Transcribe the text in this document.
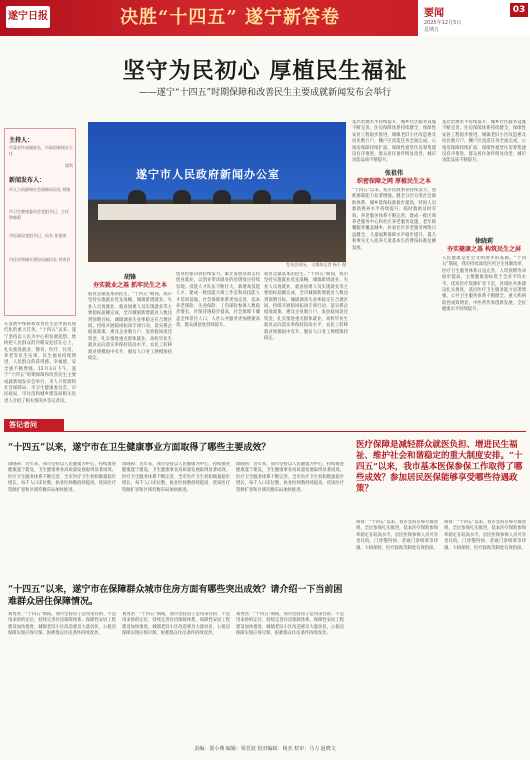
遂宁日报	决胜“十四五” 遂宁新答卷	要闻	03
2025年12月5日
星期五
坚守为民初心 厚植民生福祉
——遂宁“十四五”时期保障和改善民生主要成就新闻发布会举行
主持人：
市委宣传部副部长、市政府新闻办主任
梁利
新闻发布人：
市人力资源和社会保障局局长 胡锋
市卫生健康委员会党组书记、主任 徐晓莉
市民政局党组书记、局长 张祖伟
市住房和城乡建设局副局长 刘秀君
遂宁市人民政府新闻办公室
发布会现场。 全媒体记者 杨千 摄
基层治理水平持续提升，城乡社区服务设施不断完善。住房保障体系持续健全，保障性安居工程稳步推进，城镇老旧小区改造惠及居民数万户，棚户区改造任务全面完成，公租房保障持续扩面，保障性租赁住房筹集建设有序推进，群众居住条件明显改善，城市功能品质不断提升。
张祖伟
织密保障之网 厚植民生之本
“十四五”以来，我市民政事业持续发力，兜底保障能力显著增强。健全分层分类社会救助体系，城乡低保标准稳步提高，特困人员救助供养水平持续提升，临时救助及时有效。养老服务体系不断完善，建成一批区域养老服务中心和社区养老服务设施，老年助餐服务覆盖城乡，居家社区养老服务网络日益健全。儿童福利保障水平稳步提升，孤儿和事实无人抚养儿童基本生活费按标准足额发放。
基层治理水平持续提升，城乡社区服务设施不断完善。住房保障体系持续健全，保障性安居工程稳步推进，城镇老旧小区改造惠及居民数万户，棚户区改造任务全面完成，公租房保障持续扩面，保障性租赁住房筹集建设有序推进，群众居住条件明显改善，城市功能品质不断提升。
徐晓莉
夯实健康之基 构筑民生之屏
人民健康是社会文明进步的基础。“十四五”期间，我市持续深化医药卫生体制改革，医疗卫生服务体系日益完善，人均预期寿命稳步提高，主要健康指标优于全省平均水平。优质医疗资源扩容下沉，县域医共体建设扎实推进，基层医疗卫生服务能力显著增强。公共卫生服务体系不断健全，重大疾病防控成效明显，中医药传承创新发展，全民健康水平持续提升。
在发展中保障和改善民生是中国式现代化的重大任务。“十四五”以来，遂宁坚持以人民为中心的发展思想，始终把人民群众的冷暖安危挂在心上，扎实推进就业、教育、医疗、住房、养老等民生实事，民生福祉持续增进，人民群众的获得感、幸福感、安全感不断增强。12月3日下午，遂宁“十四五”时期保障和改善民生主要成就新闻发布会举行。市人力资源和社会保障局、市卫生健康委员会、市民政局、市住房和城乡建设局相关负责人介绍了相关情况并答记者问。
胡锋
夯实就业之基 抓牢民生之本
就业是最基本的民生。“十四五”期间，我市坚持实施就业优先战略，城镇新增就业、失业人员再就业、就业困难人员实现就业等主要指标超额完成，全市城镇新增就业人数达到预期目标，城镇调查失业率稳定在合理区间。持续开展稳岗拓岗专项行动，落实援企稳岗政策，惠及企业数万户，发放稳岗返还资金，扎实推进重点群体就业，高校毕业生就业去向落实率保持较高水平，农民工转移就业规模稳中有升，脱贫人口务工规模保持稳定。
创业担保贷款持续发力，累计发放贷款支持创业就业，以创业带动就业的倍增效应持续显现。技能人才队伍不断壮大，新增高技能人才，建成一批技能大师工作室和高技能人才培训基地。社会保障体系更加完善，基本养老保险、失业保险、工伤保险参保人数稳步增长，社保待遇稳步提高，社会保障卡覆盖全体常住人口，人社公共服务更加便捷高效，群众满意度持续提升。
就业是最基本的民生。“十四五”期间，我市坚持实施就业优先战略，城镇新增就业、失业人员再就业、就业困难人员实现就业等主要指标超额完成，全市城镇新增就业人数达到预期目标，城镇调查失业率稳定在合理区间。持续开展稳岗拓岗专项行动，落实援企稳岗政策，惠及企业数万户，发放稳岗返还资金，扎实推进重点群体就业，高校毕业生就业去向落实率保持较高水平，农民工转移就业规模稳中有升，脱贫人口务工规模保持稳定。
答记者问
“十四五”以来，遂宁市在卫生健康事业方面取得了哪些主要成效？
徐晓莉：近年来，我市坚持以人民健康为中心，持续推进健康遂宁建设，卫生健康事业高质量发展取得显著成效。医疗卫生服务体系不断完善，全市医疗卫生机构数量稳步增长，每千人口床位数、执业医师数持续提高，优质医疗资源扩容和区域均衡布局加快推进。
徐晓莉：近年来，我市坚持以人民健康为中心，持续推进健康遂宁建设，卫生健康事业高质量发展取得显著成效。医疗卫生服务体系不断完善，全市医疗卫生机构数量稳步增长，每千人口床位数、执业医师数持续提高，优质医疗资源扩容和区域均衡布局加快推进。
徐晓莉：近年来，我市坚持以人民健康为中心，持续推进健康遂宁建设，卫生健康事业高质量发展取得显著成效。医疗卫生服务体系不断完善，全市医疗卫生机构数量稳步增长，每千人口床位数、执业医师数持续提高，优质医疗资源扩容和区域均衡布局加快推进。
“十四五”以来，遂宁市在保障群众城市住房方面有哪些突出成效？请介绍一下当前困难群众居住保障情况。
刘秀君：“十四五”期间，我市坚持房子是用来住的、不是用来炒的定位，持续完善住房保障体系，保障性安居工程建设加快推进，城镇老旧小区改造惠及大量居民，公租房保障实现应保尽保，困难群众住房条件持续改善。
刘秀君：“十四五”期间，我市坚持房子是用来住的、不是用来炒的定位，持续完善住房保障体系，保障性安居工程建设加快推进，城镇老旧小区改造惠及大量居民，公租房保障实现应保尽保，困难群众住房条件持续改善。
刘秀君：“十四五”期间，我市坚持房子是用来住的、不是用来炒的定位，持续完善住房保障体系，保障性安居工程建设加快推进，城镇老旧小区改造惠及大量居民，公租房保障实现应保尽保，困难群众住房条件持续改善。
医疗保障是减轻群众就医负担、增进民生福祉、维护社会和谐稳定的重大制度安排。“十四五”以来，我市基本医保参保工作取得了哪些成效？参加居民医保能够享受哪些待遇政策？
胡锋：“十四五”以来，我市坚持应保尽保原则，全民参保扎实推进，基本医疗保险参保率稳定在较高水平。居民医保参保人员可享受住院、门诊慢特病、普通门诊统筹等待遇，大病保险、医疗救助等制度有效衔接。
胡锋：“十四五”以来，我市坚持应保尽保原则，全民参保扎实推进，基本医疗保险参保率稳定在较高水平。居民医保参保人员可享受住院、门诊慢特病、普通门诊统筹等待遇，大病保险、医疗救助等制度有效衔接。
责编：郭小燕 编辑：梁晋波 校对编辑：杨杰 校审：马力 赵晓文
